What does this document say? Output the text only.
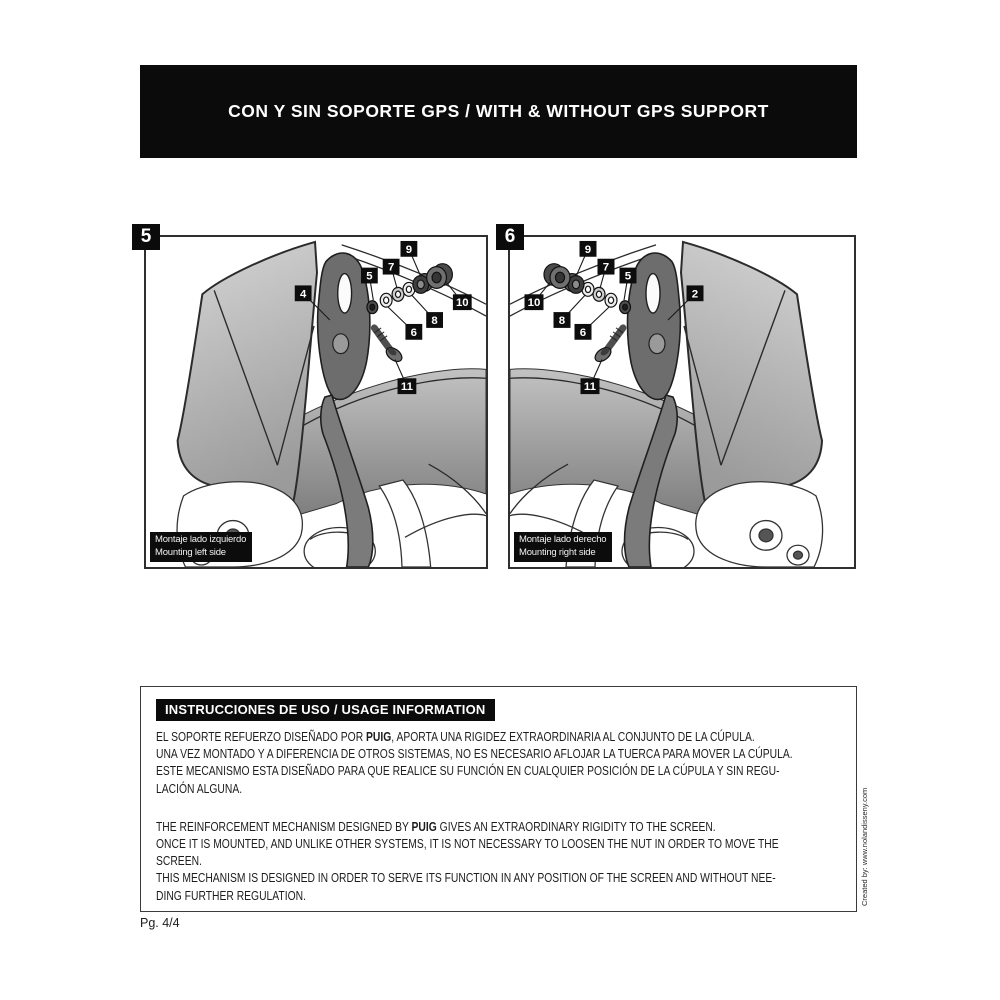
CON Y SIN SOPORTE GPS / WITH & WITHOUT GPS SUPPORT
5
4
5
7
9
10
8
6
11
Montaje lado izquierdo
Mounting left side
6
2
5
7
9
10
8
6
11
Montaje lado derecho
Mounting right side
INSTRUCCIONES DE USO / USAGE INFORMATION

EL SOPORTE REFUERZO DISEÑADO POR PUIG, APORTA UNA RIGIDEZ EXTRAORDINARIA AL CONJUNTO DE LA CÚPULA.
UNA VEZ MONTADO Y A DIFERENCIA DE OTROS SISTEMAS, NO ES NECESARIO AFLOJAR LA TUERCA PARA MOVER LA CÚPULA.
ESTE MECANISMO ESTA DISEÑADO PARA QUE REALICE SU FUNCIÓN EN CUALQUIER POSICIÓN DE LA CÚPULA Y SIN REGU-
LACIÓN ALGUNA.

THE REINFORCEMENT MECHANISM DESIGNED BY PUIG GIVES AN EXTRAORDINARY RIGIDITY TO THE SCREEN.
ONCE IT IS MOUNTED, AND UNLIKE OTHER SYSTEMS, IT IS NOT NECESSARY TO LOOSEN THE NUT IN ORDER TO MOVE THE
SCREEN.
THIS MECHANISM IS DESIGNED IN ORDER TO SERVE ITS FUNCTION IN ANY POSITION OF THE SCREEN AND WITHOUT NEE-
DING FURTHER REGULATION.	Created by: www.nolandisseny.com
Pg. 4/4
